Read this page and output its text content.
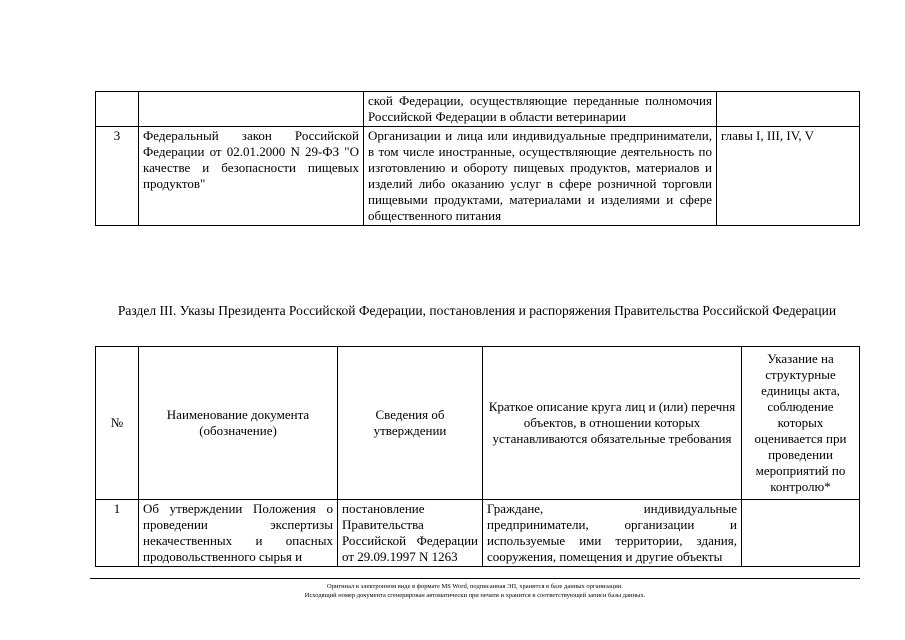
		ской Федерации, осуществляющие переданные полномочия Российской Федерации в области ветеринарии	
3	Федеральный закон Российской Федерации от 02.01.2000 N 29-ФЗ "О качестве и безопасности пищевых продуктов"	Организации и лица или индивидуальные предприниматели, в том числе иностранные, осуществляющие деятельность по изготовлению и обороту пищевых продуктов, материалов и изделий либо оказанию услуг в сфере розничной торговли пищевыми продуктами, материалами и изделиями и сфере общественного питания	главы I, III, IV, V
Раздел III. Указы Президента Российской Федерации, постановления и распоряжения Правительства Российской Федерации
№	Наименование документа (обозначение)	Сведения об утверждении	Краткое описание круга лиц и (или) перечня объектов, в отношении которых устанавливаются обязательные требования	Указание на структурные единицы акта, соблюдение которых оценивается при проведении мероприятий по контролю*
1	Об утверждении Положения о проведении экспертизы некачественных и опасных продовольственного сырья и	постановление Правительства Российской Федерации от 29.09.1997 N 1263	Граждане, индивидуальные предприниматели, организации и используемые ими территории, здания, сооружения, помещения и другие объекты	
Оригинал в электронном виде в формате MS Word, подписанная ЭП, хранится в базе данных организации.
Исходящий номер документа сгенерирован автоматически при печати и хранится в соответствующей записи базы данных.
